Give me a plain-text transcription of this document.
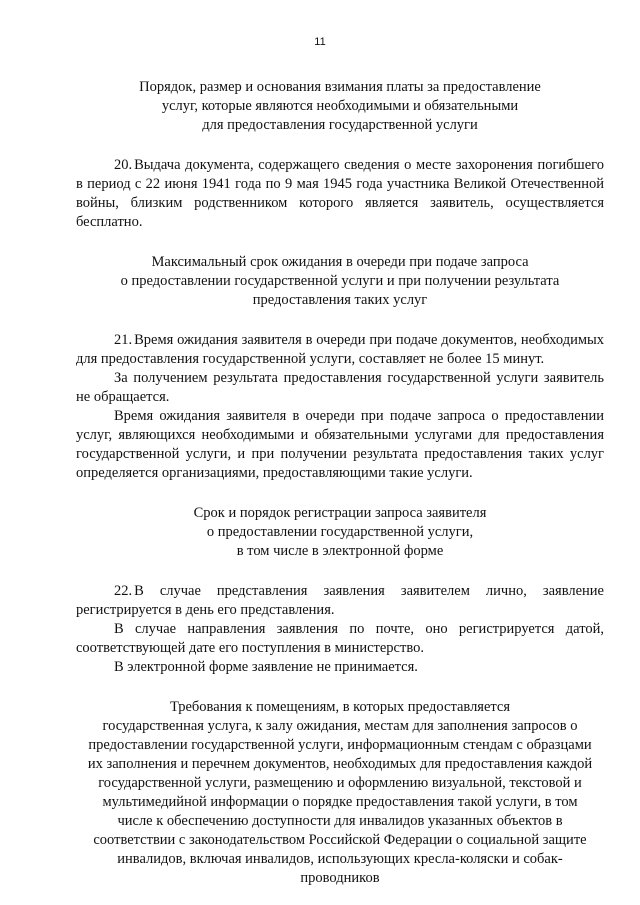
11
Порядок, размер и основания взимания платы за предоставление
услуг, которые являются необходимыми и обязательными
для предоставления государственной услуги

20. Выдача документа, содержащего сведения о месте захоронения погибшего в период с 22 июня 1941 года по 9 мая 1945 года участника Великой Отечественной войны, близким родственником которого является заявитель, осуществляется бесплатно.

Максимальный срок ожидания в очереди при подаче запроса
о предоставлении государственной услуги и при получении результата
предоставления таких услуг

21. Время ожидания заявителя в очереди при подаче документов, необходимых для предоставления государственной услуги, составляет не более 15 минут.

За получением результата предоставления государственной услуги заявитель не обращается.

Время ожидания заявителя в очереди при подаче запроса о предоставлении услуг, являющихся необходимыми и обязательными услугами для предоставления государственной услуги, и при получении результата предоставления таких услуг определяется организациями, предоставляющими такие услуги.

Срок и порядок регистрации запроса заявителя
о предоставлении государственной услуги,
в том числе в электронной форме

22. В случае представления заявления заявителем лично, заявление регистрируется в день его представления.

В случае направления заявления по почте, оно регистрируется датой, соответствующей дате его поступления в министерство.

В электронной форме заявление не принимается.

Требования к помещениям, в которых предоставляется
государственная услуга, к залу ожидания, местам для заполнения запросов о
предоставлении государственной услуги, информационным стендам с образцами
их заполнения и перечнем документов, необходимых для предоставления каждой
государственной услуги, размещению и оформлению визуальной, текстовой и
мультимедийной информации о порядке предоставления такой услуги, в том
числе к обеспечению доступности для инвалидов указанных объектов в
соответствии с законодательством Российской Федерации о социальной защите
инвалидов, включая инвалидов, использующих кресла-коляски и собак-
проводников
